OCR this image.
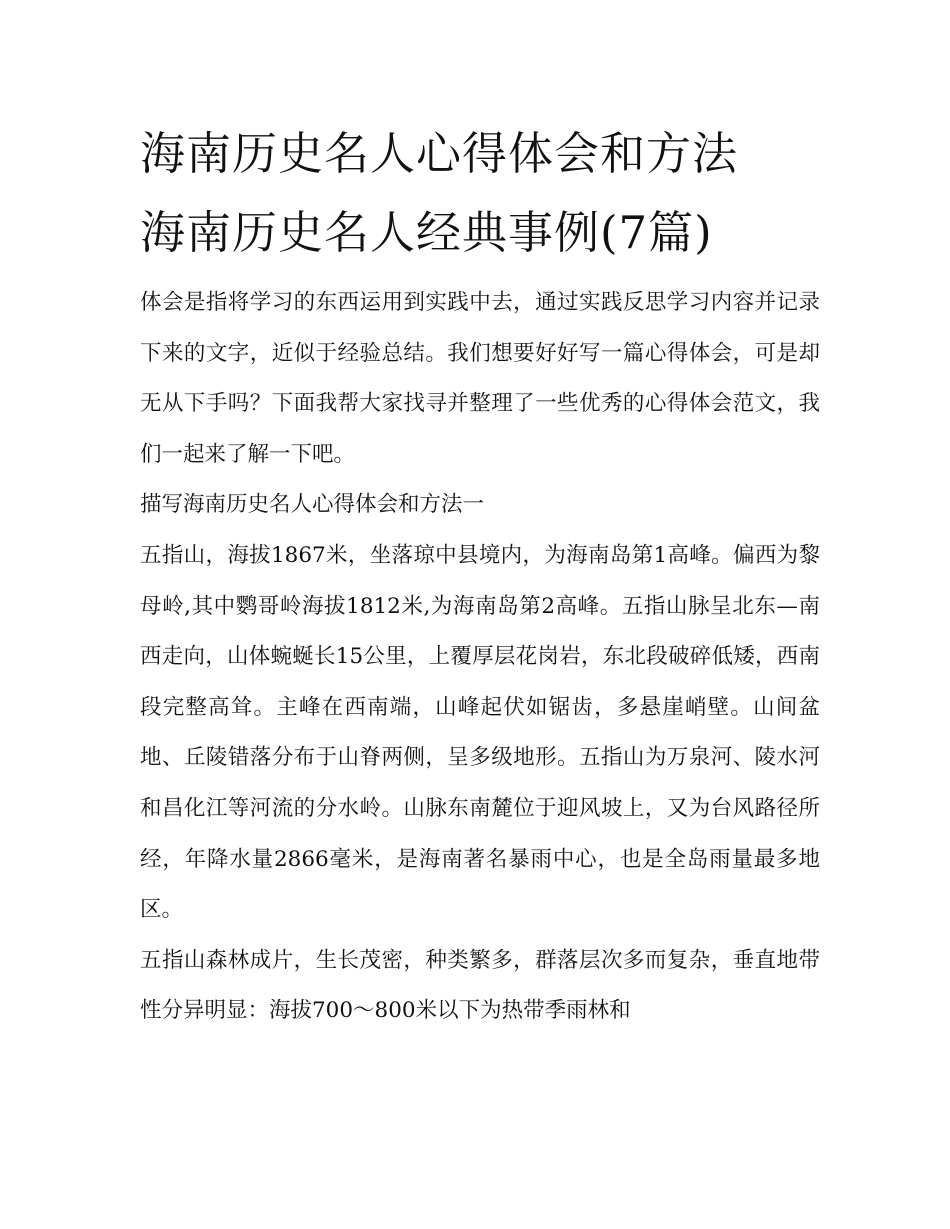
海南历史名人心得体会和方法
海南历史名人经典事例(7篇)

体会是指将学习的东西运用到实践中去，通过实践反思学习内容并记录下来的文字，近似于经验总结。我们想要好好写一篇心得体会，可是却无从下手吗？下面我帮大家找寻并整理了一些优秀的心得体会范文，我们一起来了解一下吧。

描写海南历史名人心得体会和方法一

五指山，海拔1867米，坐落琼中县境内，为海南岛第1高峰。偏西为黎母岭,其中鹦哥岭海拔1812米,为海南岛第2高峰。五指山脉呈北东—南西走向，山体蜿蜒长15公里，上覆厚层花岗岩，东北段破碎低矮，西南段完整高耸。主峰在西南端，山峰起伏如锯齿，多悬崖峭壁。山间盆地、丘陵错落分布于山脊两侧，呈多级地形。五指山为万泉河、陵水河和昌化江等河流的分水岭。山脉东南麓位于迎风坡上，又为台风路径所经，年降水量2866毫米，是海南著名暴雨中心，也是全岛雨量最多地区。

五指山森林成片，生长茂密，种类繁多，群落层次多而复杂，垂直地带性分异明显：海拔700～800米以下为热带季雨林和
